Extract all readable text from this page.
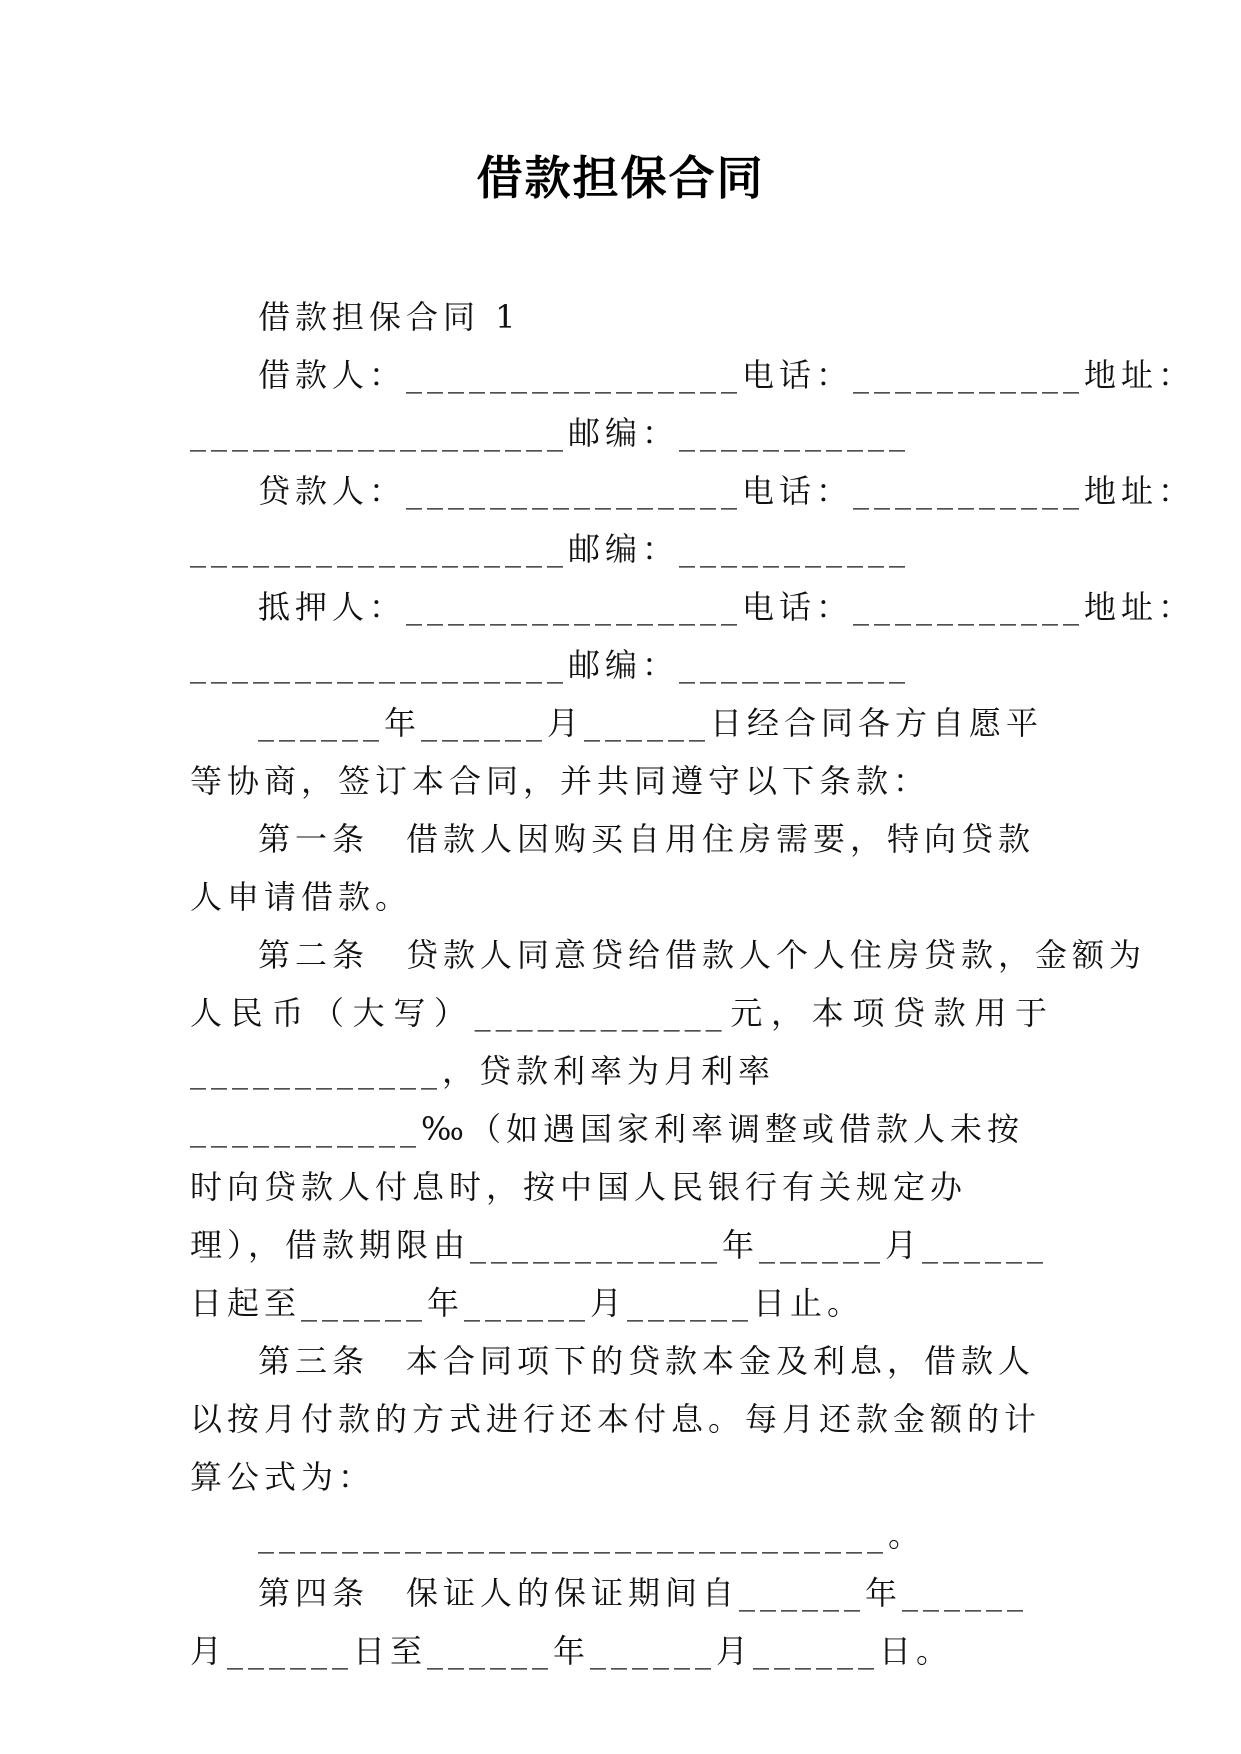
借款担保合同

借款担保合同 1

借款人：________________电话：___________地址：

__________________邮编：___________

贷款人：________________电话：___________地址：

__________________邮编：___________

抵押人：________________电话：___________地址：

__________________邮编：___________

______年______月______日经合同各方自愿平等协商，签订本合同，并共同遵守以下条款：

第一条　借款人因购买自用住房需要，特向贷款人申请借款。

第二条　贷款人同意贷给借款人个人住房贷款，金额为

人民币（大写）____________元，本项贷款用于

____________，贷款利率为月利率___________‰（如遇国家利率调整或借款人未按时向贷款人付息时，按中国人民银行有关规定办理），借款期限由____________年______月______日起至______年______月______日止。

第三条　本合同项下的贷款本金及利息，借款人以按月付款的方式进行还本付息。每月还款金额的计算公式为：

______________________________。

第四条　保证人的保证期间自______年______月______日至______年______月______日。
